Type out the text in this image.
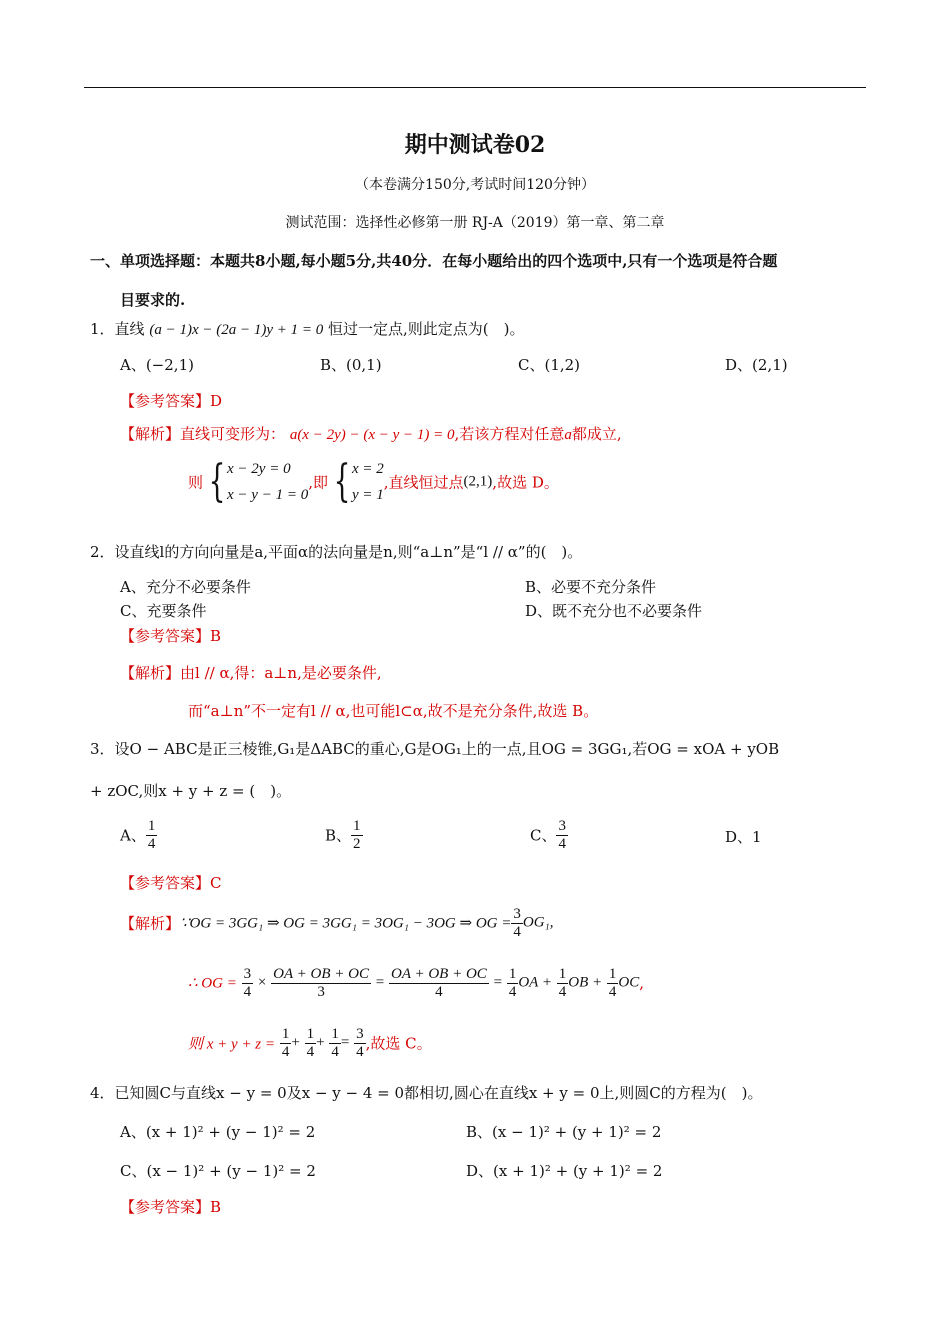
期中测试卷02
（本卷满分150分,考试时间120分钟）
测试范围：选择性必修第一册 RJ-A（2019）第一章、第二章
一、单项选择题：本题共8小题,每小题5分,共40分．在每小题给出的四个选项中,只有一个选项是符合题
目要求的.
1．直线 (a − 1)x − (2a − 1)y + 1 = 0 恒过一定点,则此定点为(　)。
A、(−2,1)	B、(0,1)	C、(1,2)	D、(2,1)
【参考答案】D
【解析】直线可变形为： a(x − 2y) − (x − y − 1) = 0,若该方程对任意a都成立,
则 { x − 2y = 0
x − y − 1 = 0,即 { x = 2
y = 1,直线恒过点(2,1),故选 D。
2．设直线l的方向向量是a,平面α的法向量是n,则“a⊥n”是“l // α”的(　)。
A、充分不必要条件	B、必要不充分条件
C、充要条件	D、既不充分也不必要条件
【参考答案】B
【解析】由l // α,得：a⊥n,是必要条件,
而“a⊥n”不一定有l // α,也可能l⊂α,故不是充分条件,故选 B。
3．设O − ABC是正三棱锥,G₁是ΔABC的重心,G是OG₁上的一点,且OG = 3GG₁,若OG = xOA + yOB
+ zOC,则x + y + z = (　)。
A、 $\frac{1}{4}$	B、 $\frac{1}{2}$	C、 $\frac{3}{4}$	D、1
【参考答案】C
【解析】∵OG = 3GG₁ ⇒ OG = 3GG₁ = 3OG₁ − 3OG ⇒ OG = $\frac{3}{4} OG_1$,
∴ OG = $\frac{3}{4} \times \frac{OA + OB + OC}{3} = \frac{OA + OB + OC}{4} = \frac{1}{4}$ OA + $\frac{1}{4}$ OB + $\frac{1}{4}$ OC,
则 $x + y + z = \frac{1}{4} + \frac{1}{4} + \frac{1}{4} = \frac{3}{4}$ ,故选 C。
4．已知圆C与直线x − y = 0及x − y − 4 = 0都相切,圆心在直线x + y = 0上,则圆C的方程为(　)。
A、(x + 1)² + (y − 1)² = 2	B、(x − 1)² + (y + 1)² = 2
C、(x − 1)² + (y − 1)² = 2	D、(x + 1)² + (y + 1)² = 2
【参考答案】B
